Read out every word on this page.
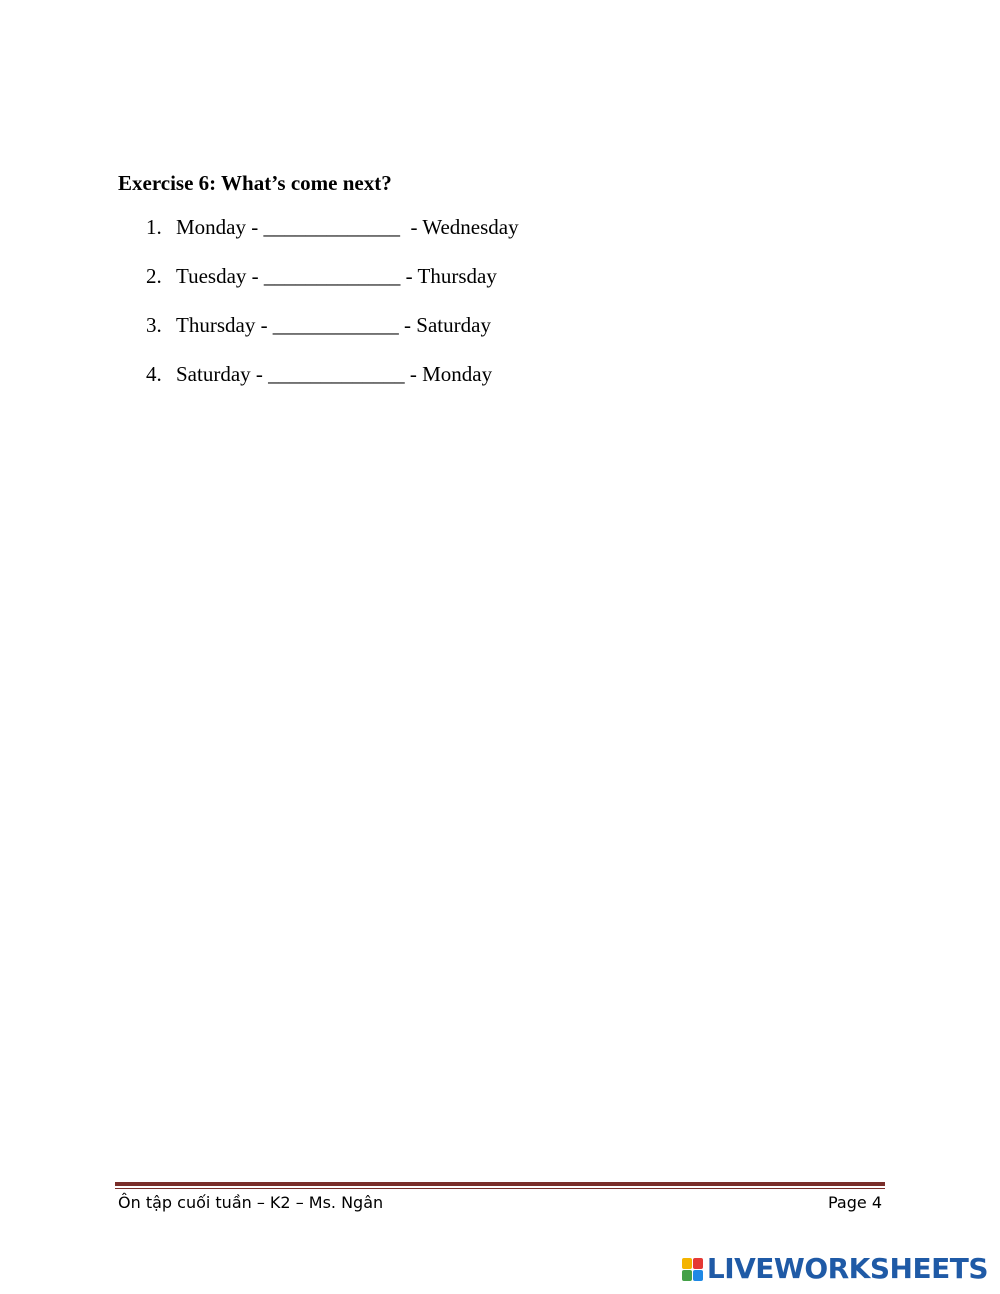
Exercise 6: What’s come next?
1. Monday - _____________  - Wednesday
2. Tuesday - _____________ - Thursday
3. Thursday - ____________ - Saturday
4. Saturday - _____________ - Monday
Ôn tập cuối tuần – K2 – Ms. Ngân	Page 4
LIVEWORKSHEETS
